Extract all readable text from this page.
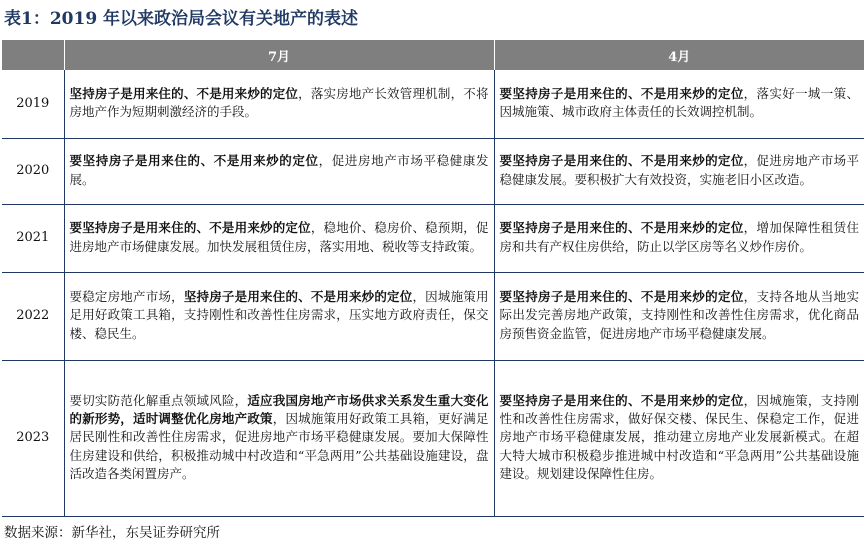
表1：2019 年以来政治局会议有关地产的表述
	7月	4月
2019	坚持房子是用来住的、不是用来炒的定位，落实房地产长效管理机制，不将房地产作为短期刺激经济的手段。	要坚持房子是用来住的、不是用来炒的定位，落实好一城一策、因城施策、城市政府主体责任的长效调控机制。
2020	要坚持房子是用来住的、不是用来炒的定位，促进房地产市场平稳健康发展。	要坚持房子是用来住的、不是用来炒的定位，促进房地产市场平稳健康发展。要积极扩大有效投资，实施老旧小区改造。
2021	要坚持房子是用来住的、不是用来炒的定位，稳地价、稳房价、稳预期，促进房地产市场健康发展。加快发展租赁住房，落实用地、税收等支持政策。	要坚持房子是用来住的、不是用来炒的定位，增加保障性租赁住房和共有产权住房供给，防止以学区房等名义炒作房价。
2022	要稳定房地产市场，坚持房子是用来住的、不是用来炒的定位，因城施策用足用好政策工具箱，支持刚性和改善性住房需求，压实地方政府责任，保交楼、稳民生。	要坚持房子是用来住的、不是用来炒的定位，支持各地从当地实际出发完善房地产政策，支持刚性和改善性住房需求，优化商品房预售资金监管，促进房地产市场平稳健康发展。
2023	要切实防范化解重点领域风险，适应我国房地产市场供求关系发生重大变化的新形势，适时调整优化房地产政策，因城施策用好政策工具箱，更好满足居民刚性和改善性住房需求，促进房地产市场平稳健康发展。要加大保障性住房建设和供给，积极推动城中村改造和“平急两用”公共基础设施建设，盘活改造各类闲置房产。	要坚持房子是用来住的、不是用来炒的定位，因城施策，支持刚性和改善性住房需求，做好保交楼、保民生、保稳定工作，促进房地产市场平稳健康发展，推动建立房地产业发展新模式。在超大特大城市积极稳步推进城中村改造和“平急两用”公共基础设施建设。规划建设保障性住房。
数据来源：新华社，东吴证券研究所
